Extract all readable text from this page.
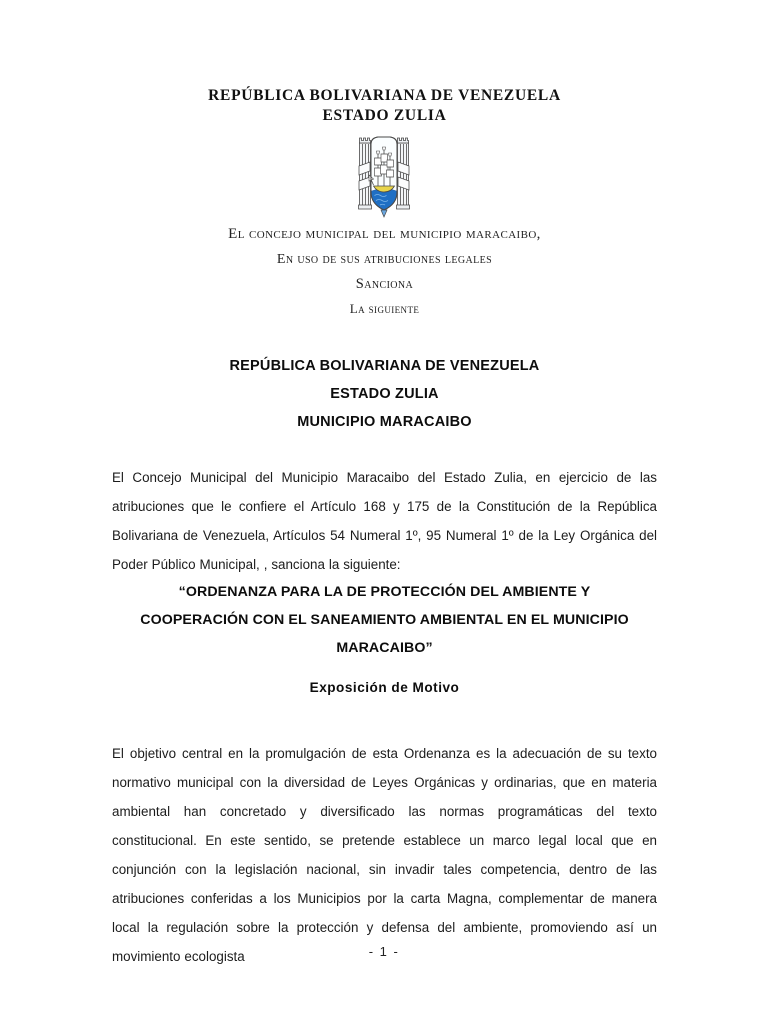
REPÚBLICA BOLIVARIANA DE VENEZUELA
ESTADO ZULIA
El concejo municipal del municipio maracaibo,
En uso de sus atribuciones legales
Sanciona
La siguiente
REPÚBLICA BOLIVARIANA DE VENEZUELA
ESTADO ZULIA
MUNICIPIO MARACAIBO

El Concejo Municipal del Municipio Maracaibo del Estado Zulia, en ejercicio de las atribuciones que le confiere el Artículo 168 y 175 de la Constitución de la República Bolivariana de Venezuela, Artículos 54 Numeral 1º, 95 Numeral 1º de la Ley Orgánica del Poder Público Municipal, , sanciona la siguiente:

“ORDENANZA PARA LA DE PROTECCIÓN DEL AMBIENTE Y
COOPERACIÓN CON EL SANEAMIENTO AMBIENTAL EN EL MUNICIPIO
MARACAIBO”
Exposición de Motivo

El objetivo central en la promulgación de esta Ordenanza es la adecuación de su texto normativo municipal con la diversidad de Leyes Orgánicas y ordinarias, que en materia ambiental han concretado y diversificado las normas programáticas del texto constitucional. En este sentido, se pretende establece un marco legal local que en conjunción con la legislación nacional, sin invadir tales competencia, dentro de las atribuciones conferidas a los Municipios por la carta Magna, complementar de manera local la regulación sobre la protección y defensa del ambiente, promoviendo así un movimiento ecologista	- 1 -
